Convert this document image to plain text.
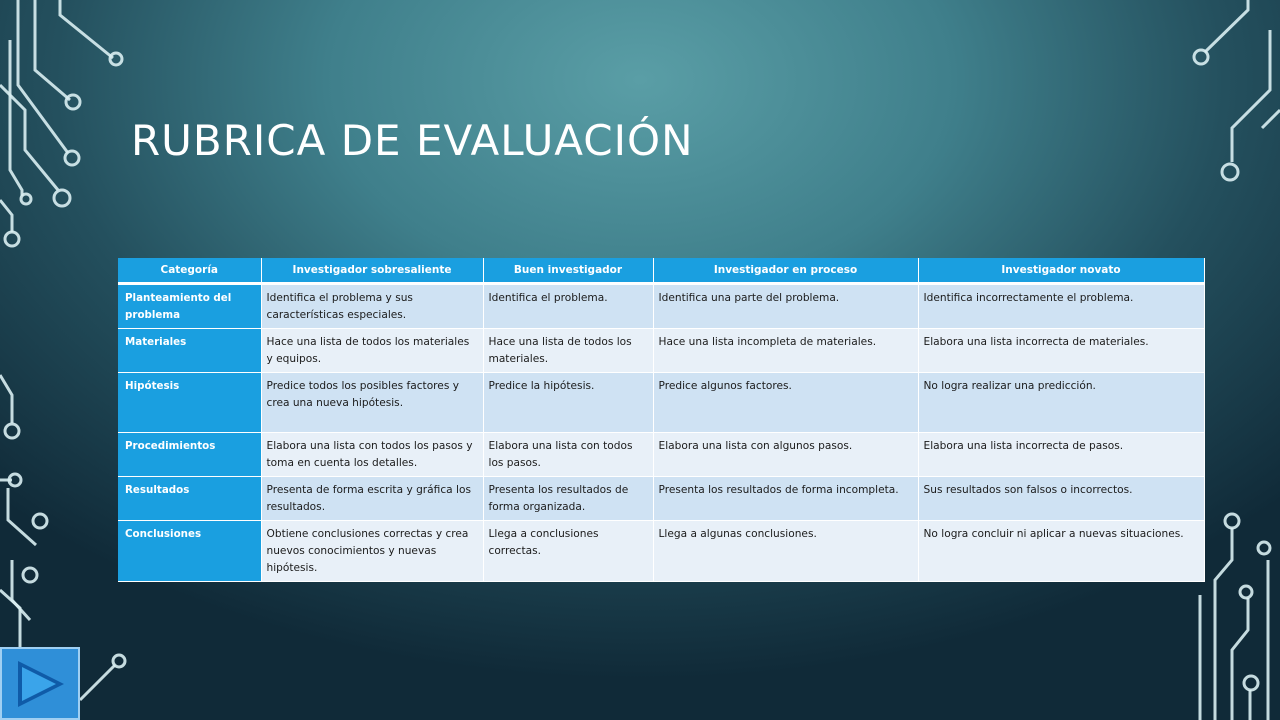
RUBRICA DE EVALUACIÓN
Categoría	Investigador sobresaliente	Buen investigador	Investigador en proceso	Investigador novato
Planteamiento del problema	Identifica el problema y sus características especiales.	Identifica el problema.	Identifica una parte del problema.	Identifica incorrectamente el problema.
Materiales	Hace una lista de todos los materiales y equipos.	Hace una lista de todos los materiales.	Hace una lista incompleta de materiales.	Elabora una lista incorrecta de materiales.
Hipótesis	Predice todos los posibles factores y crea una nueva hipótesis.	Predice la hipótesis.	Predice algunos factores.	No logra realizar una predicción.
Procedimientos	Elabora una lista con todos los pasos y toma en cuenta los detalles.	Elabora una lista con todos los pasos.	Elabora una lista con algunos pasos.	Elabora una lista incorrecta de pasos.
Resultados	Presenta de forma escrita y gráfica los resultados.	Presenta los resultados de forma organizada.	Presenta los resultados de forma incompleta.	Sus resultados son falsos o incorrectos.
Conclusiones	Obtiene conclusiones correctas y crea nuevos conocimientos y nuevas hipótesis.	Llega a conclusiones correctas.	Llega a algunas conclusiones.	No logra concluir ni aplicar a nuevas situaciones.
